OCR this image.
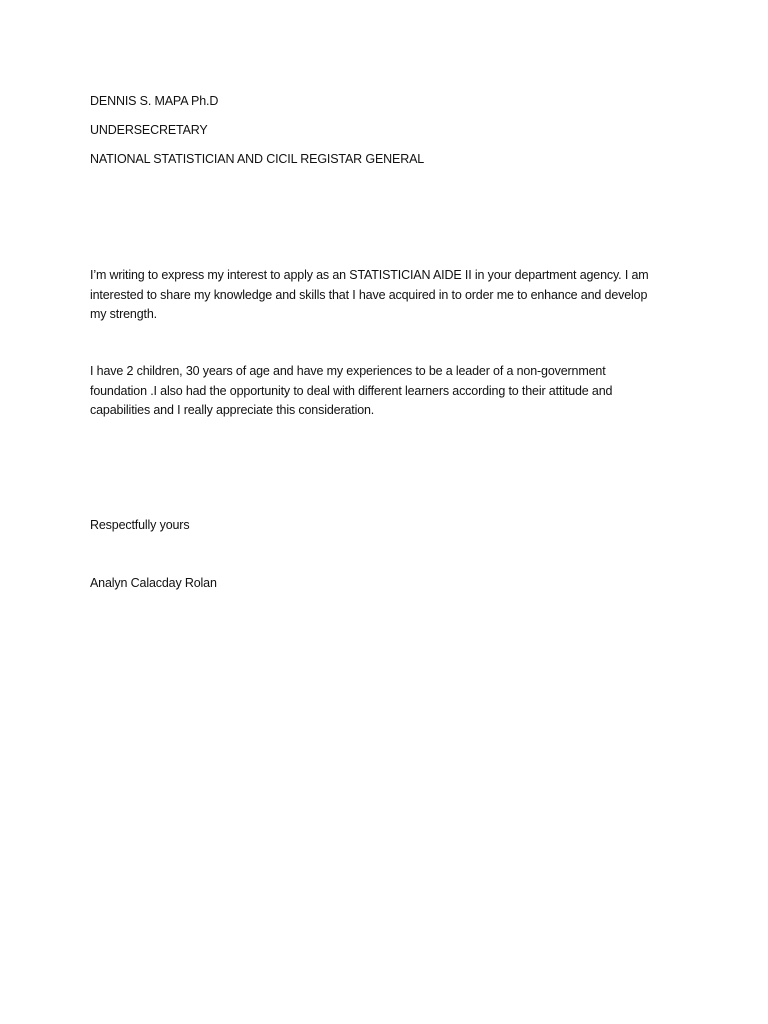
DENNIS S. MAPA Ph.D

UNDERSECRETARY

NATIONAL STATISTICIAN AND CICIL REGISTAR GENERAL

I’m writing to express my interest to apply as an STATISTICIAN AIDE II in your department agency. I am
interested to share my knowledge and skills that I have acquired in to order me to enhance and develop
my strength.
I have 2 children, 30 years of age and have my experiences to be a leader of a non-government
foundation .I also had the opportunity to deal with different learners according to their attitude and
capabilities and I really appreciate this consideration.

Respectfully yours

Analyn Calacday Rolan
